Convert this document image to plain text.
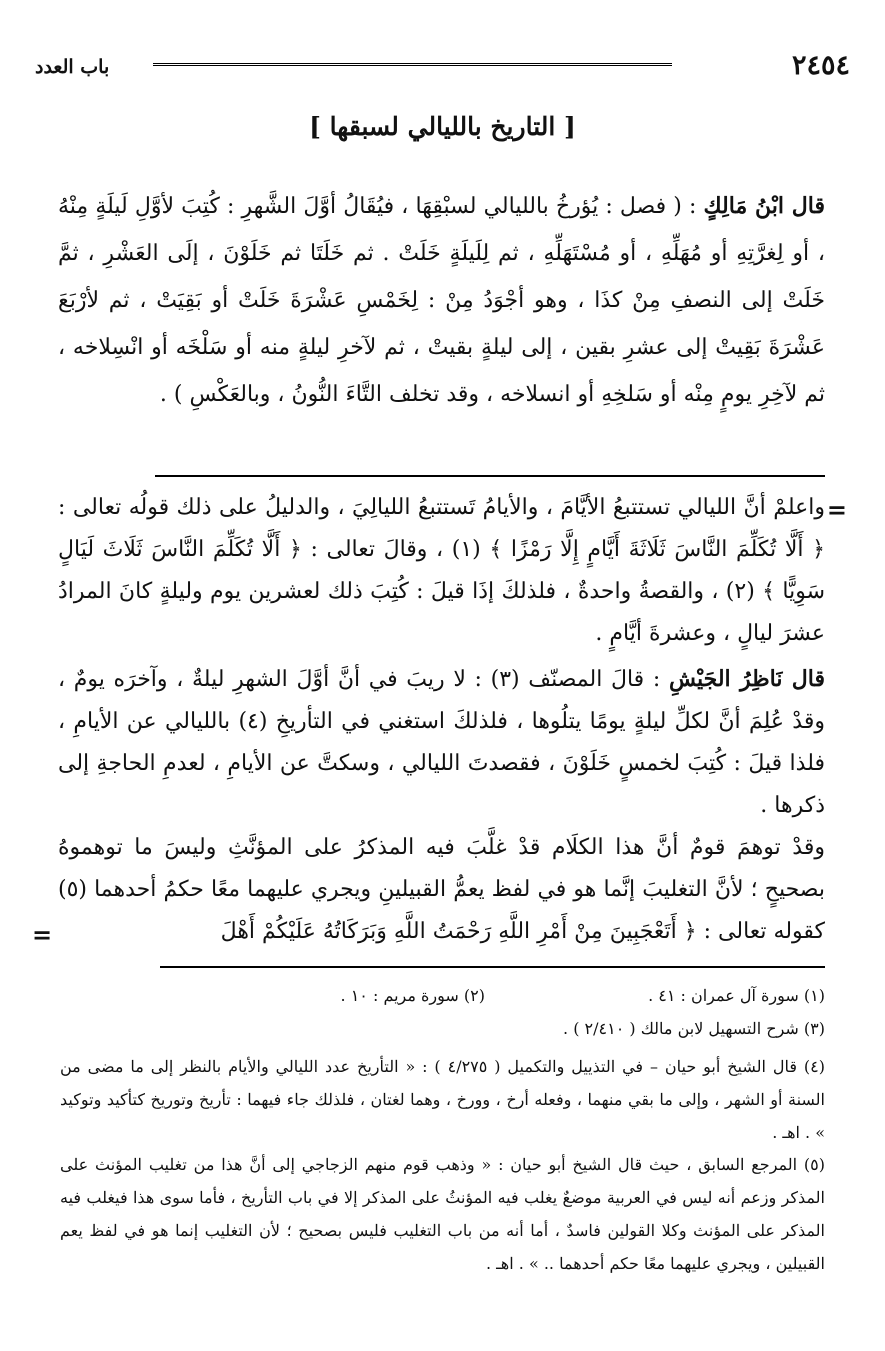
٢٤٥٤
باب العدد
[ التاريخ بالليالي لسبقها ]
قال ابْنُ مَالِكٍ : ( فصل : يُؤرخُ بالليالي لسبْقِهَا ، فيُقَالُ أوَّلَ الشَّهرِ : كُتِبَ لأوَّلِ لَيلَةٍ مِنْهُ ، أو لِغرَّتِهِ أو مُهَلِّهِ ، أو مُسْتَهَلِّهِ ، ثم لِلَيلَةٍ خَلَتْ . ثم خَلَتَا ثم خَلَوْنَ ، إلَى العَشْرِ ، ثمَّ خَلَتْ إلى النصفِ مِنْ كذَا ، وهو أجْوَدُ مِنْ : لِخَمْسِ عَشْرَةَ خَلَتْ أو بَقِيَتْ ، ثم لأرْبَعَ عَشْرَةَ بَقِيتْ إلى عشرِ بقين ، إلى ليلةٍ بقيتْ ، ثم لآخرِ ليلةٍ منه أو سَلْخَه أو انْسِلاخه ، ثم لآخِرِ يومٍ مِنْه أو سَلخِهِ أو انسلاخه ، وقد تخلف التَّاءَ النُّونُ ، وبالعَكْسِ ) .
=
واعلمْ أنَّ الليالي تستتبعُ الأيَّامَ ، والأيامُ تَستتبعُ الليالِيَ ، والدليلُ على ذلك قولُه تعالى : ﴿ أَلَّا تُكَلِّمَ النَّاسَ ثَلَاثَةَ أَيَّامٍ إِلَّا رَمْزًا ﴾ (١) ، وقالَ تعالى : ﴿ أَلَّا تُكَلِّمَ النَّاسَ ثَلَاثَ لَيَالٍ سَوِيًّا ﴾ (٢) ، والقصةُ واحدةٌ ، فلذلكَ إذَا قيلَ : كُتِبَ ذلك لعشرين يوم وليلةٍ كانَ المرادُ عشرَ ليالٍ ، وعشرةَ أيَّامٍ .
قال نَاظِرُ الجَيْشِ : قالَ المصنّف (٣) : لا ريبَ في أنَّ أوَّلَ الشهرِ ليلةٌ ، وآخرَه يومٌ ، وقدْ عُلِمَ أنَّ لكلِّ ليلةٍ يومًا يتلُوها ، فلذلكَ استغني في التأريخِ (٤) بالليالي عن الأيامِ ، فلذا قيلَ : كُتِبَ لخمسٍ خَلَوْنَ ، فقصدتَ الليالي ، وسكتَّ عن الأيامِ ، لعدمِ الحاجةِ إلى ذكرها .
وقدْ توهمَ قومٌ أنَّ هذا الكلَام قدْ غلَّبَ فيه المذكرُ على المؤنَّثِ وليسَ ما توهموهُ بصحيحٍ ؛ لأنَّ التغليبَ إنَّما هو في لفظ يعمُّ القبيلينِ ويجري عليهما معًا حكمُ أحدهما (٥) كقوله تعالى : ﴿ أَتَعْجَبِينَ مِنْ أَمْرِ اللَّهِ رَحْمَتُ اللَّهِ وَبَرَكَاتُهُ عَلَيْكُمْ أَهْلَ
=
(١) سورة آل عمران : ٤١ .(٢) سورة مريم : ١٠ .
(٣) شرح التسهيل لابن مالك ( ٢/٤١٠ ) .
(٤) قال الشيخ أبو حيان – في التذييل والتكميل ( ٤/٢٧٥ ) : « التأريخ عدد الليالي والأيام بالنظر إلى ما مضى من السنة أو الشهر ، وإلى ما بقي منهما ، وفعله أرخ ، وورخ ، وهما لغتان ، فلذلك جاء فيهما : تأريخ وتوريخ كتأكيد وتوكيد » . اهـ .
(٥) المرجع السابق ، حيث قال الشيخ أبو حيان : « وذهب قوم منهم الزجاجي إلى أنَّ هذا من تغليب المؤنث على المذكر وزعم أنه ليس في العربية موضعٌ يغلب فيه المؤنثُ على المذكر إلا في باب التأريخ ، فأما سوى هذا فيغلب فيه المذكر على المؤنث وكلا القولين فاسدٌ ، أما أنه من باب التغليب فليس بصحيح ؛ لأن التغليب إنما هو في لفظ يعم القبيلين ، ويجري عليهما معًا حكم أحدهما .. » . اهـ .
